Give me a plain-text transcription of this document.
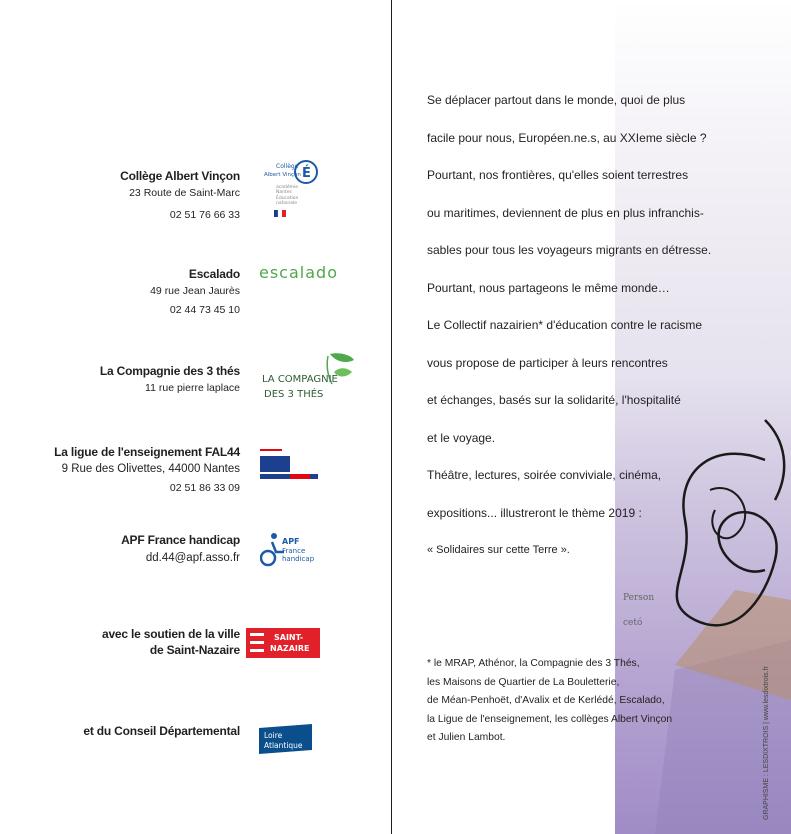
Person
cetó
Collège Albert Vinçon
23 Route de Saint-Marc
02 51 76 66 33
É
Collège
Albert Vinçon
académie
Nantes
Éducation
nationale
Escalado
49 rue Jean Jaurès
02 44 73 45 10
escalado
La Compagnie des 3 thés
11 rue pierre laplace
LA COMPAGNIE
DES 3 THÉS
La ligue de l'enseignement FAL44
9 Rue des Olivettes, 44000 Nantes
02 51 86 33 09
APF France handicap
dd.44@apf.asso.fr
APF
France
handicap
avec le soutien de la ville
de Saint-Nazaire
SAINT-
NAZAIRE
et du Conseil Départemental	Loire
Atlantique

Se déplacer partout dans le monde, quoi de plus

facile pour nous, Européen.ne.s, au XXIeme siècle ?

Pourtant, nos frontières, qu'elles soient terrestres

ou maritimes, deviennent de plus en plus infranchis-

sables pour tous les voyageurs migrants en détresse.

Pourtant, nous partageons le même monde…

Le Collectif nazairien* d'éducation contre le racisme

vous propose de participer à leurs rencontres

et échanges, basés sur la solidarité, l'hospitalité

et le voyage.

Théâtre, lectures, soirée conviviale, cinéma,

expositions... illustreront le thème 2019 :

« Solidaires sur cette Terre ».

* le MRAP, Athénor, la Compagnie des 3 Thés,
les Maisons de Quartier de La Bouletterie,
de Méan-Penhoët, d'Avalix et de Kerlédé, Escalado,
la Ligue de l'enseignement, les collèges Albert Vinçon
et Julien Lambot.	GRAPHISME : LESDIXTROIS | www.lesdixtrois.fr
